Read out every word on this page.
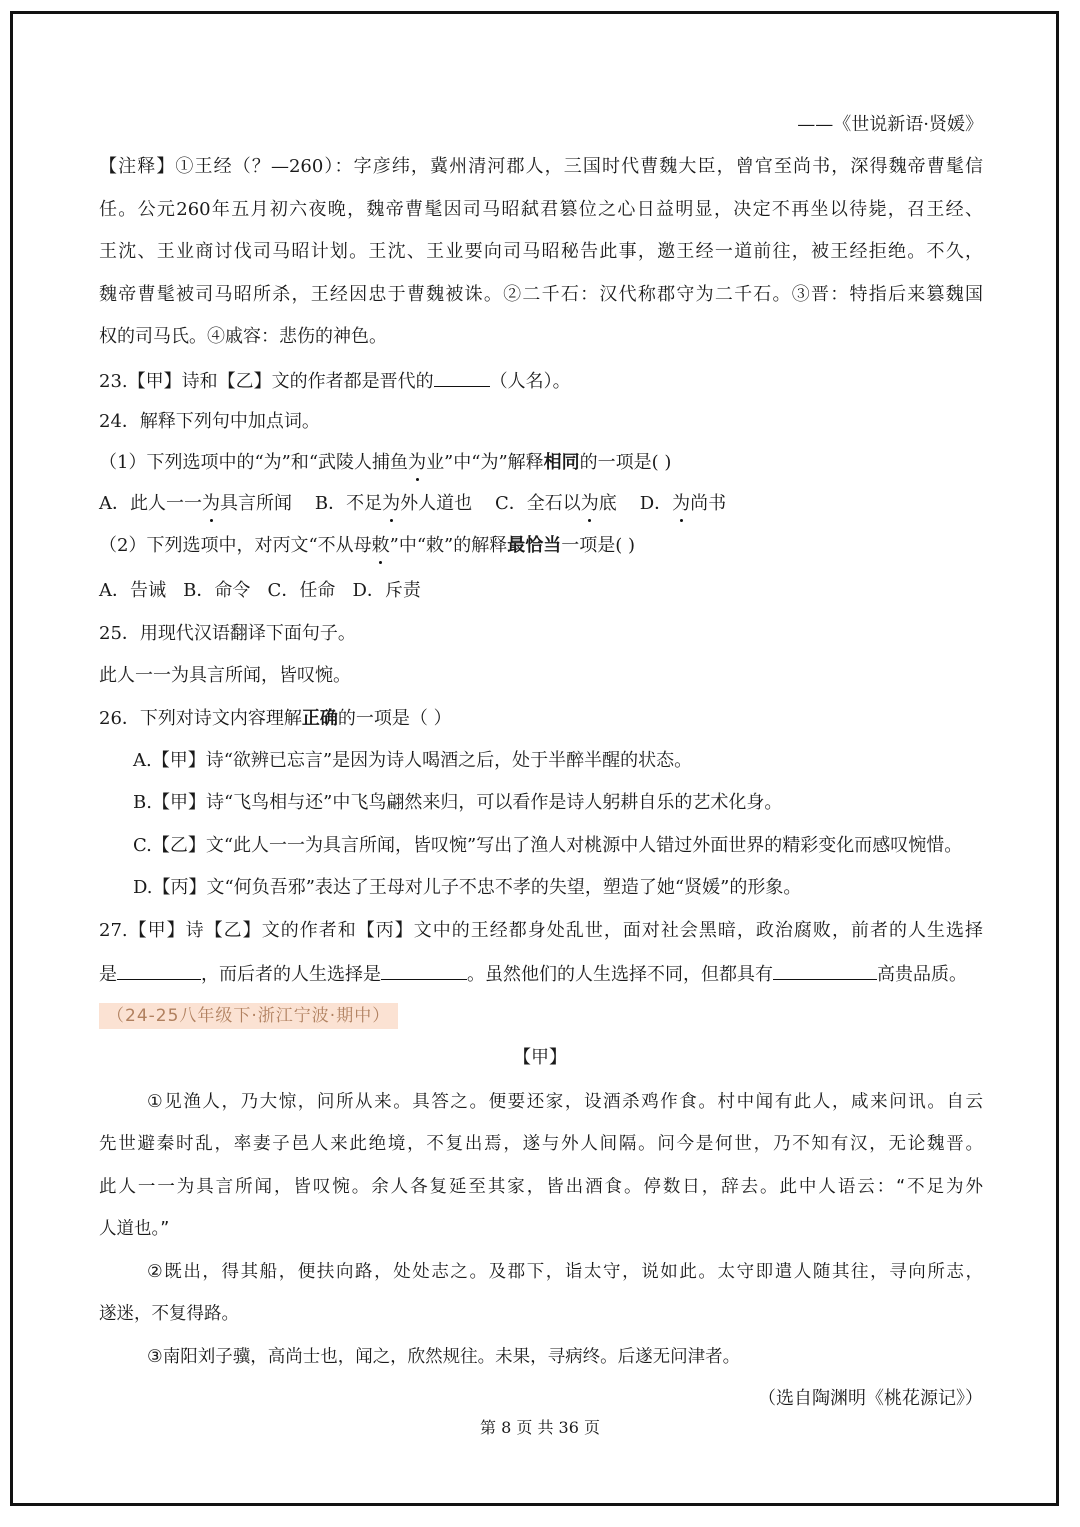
——《世说新语·贤媛》
【注释】①王经（？—260）：字彦纬，冀州清河郡人，三国时代曹魏大臣，曾官至尚书，深得魏帝曹髦信
任。公元260年五月初六夜晚，魏帝曹髦因司马昭弑君篡位之心日益明显，决定不再坐以待毙，召王经、
王沈、王业商讨伐司马昭计划。王沈、王业要向司马昭秘告此事，邀王经一道前往，被王经拒绝。不久，
魏帝曹髦被司马昭所杀，王经因忠于曹魏被诛。②二千石：汉代称郡守为二千石。③晋：特指后来篡魏国
权的司马氏。④戚容：悲伤的神色。
23.【甲】诗和【乙】文的作者都是晋代的	（人名）。
24．解释下列句中加点词。
（1）下列选项中的“为”和“武陵人捕鱼为业”中“为”解释相同的一项是( )
A．此人一一为具言所闻 B．不足为外人道也 C．全石以为底 D．为尚书
（2）下列选项中，对丙文“不从母敕”中“敕”的解释最恰当一项是( )
A．告诫   B．命令   C．任命   D．斥责
25．用现代汉语翻译下面句子。
此人一一为具言所闻，皆叹惋。
26．下列对诗文内容理解正确的一项是（ ）
A.【甲】诗“欲辨已忘言”是因为诗人喝酒之后，处于半醉半醒的状态。
B.【甲】诗“飞鸟相与还”中飞鸟翩然来归，可以看作是诗人躬耕自乐的艺术化身。
C.【乙】文“此人一一为具言所闻，皆叹惋”写出了渔人对桃源中人错过外面世界的精彩变化而感叹惋惜。
D.【丙】文“何负吾邪”表达了王母对儿子不忠不孝的失望，塑造了她“贤媛”的形象。
27.【甲】诗【乙】文的作者和【丙】文中的王经都身处乱世，面对社会黑暗，政治腐败，前者的人生选择
是	，而后者的人生选择是	。虽然他们的人生选择不同，但都具有	高贵品质。
（24-25八年级下·浙江宁波·期中）
【甲】
①见渔人，乃大惊，问所从来。具答之。便要还家，设酒杀鸡作食。村中闻有此人，咸来问讯。自云
先世避秦时乱，率妻子邑人来此绝境，不复出焉，遂与外人间隔。问今是何世，乃不知有汉，无论魏晋。
此人一一为具言所闻，皆叹惋。余人各复延至其家，皆出酒食。停数日，辞去。此中人语云：“不足为外
人道也。”
②既出，得其船，便扶向路，处处志之。及郡下，诣太守，说如此。太守即遣人随其往，寻向所志，
遂迷，不复得路。
③南阳刘子骥，高尚士也，闻之，欣然规往。未果，寻病终。后遂无问津者。
（选自陶渊明《桃花源记》）
第 8 页 共 36 页
